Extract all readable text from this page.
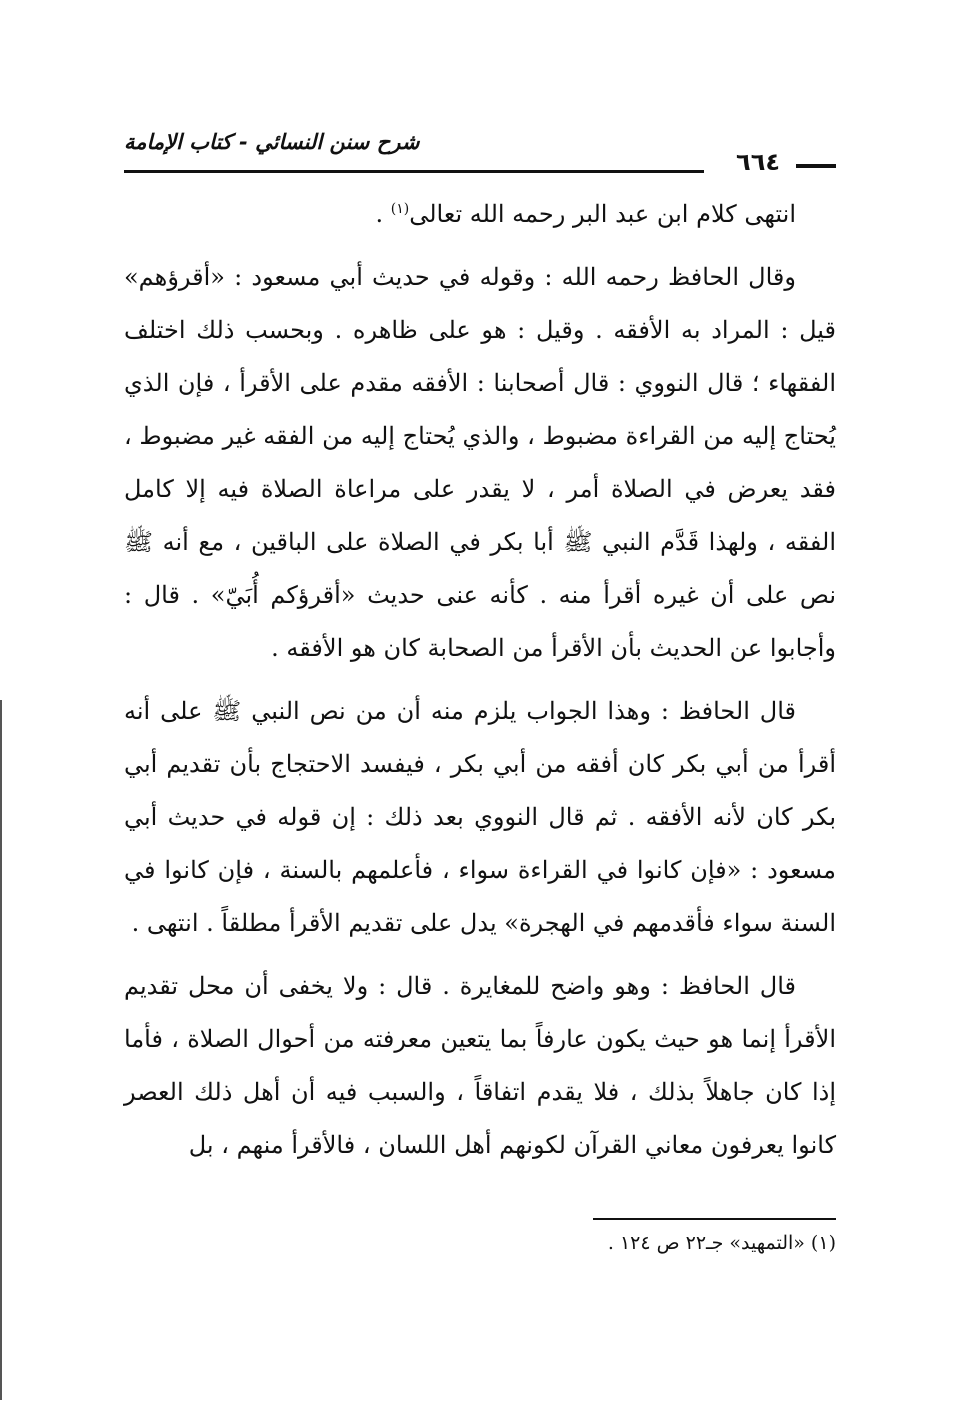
شرح سنن النسائي - كتاب الإمامة
٦٦٤

انتهى كلام ابن عبد البر رحمه الله تعالى$^{(١)}$ .

وقال الحافظ رحمه الله : وقوله في حديث أبي مسعود : «أقرؤهم» قيل : المراد به الأفقه . وقيل : هو على ظاهره . وبحسب ذلك اختلف الفقهاء ؛ قال النووي : قال أصحابنا : الأفقه مقدم على الأقرأ ، فإن الذي يُحتاج إليه من القراءة مضبوط ، والذي يُحتاج إليه من الفقه غير مضبوط ، فقد يعرض في الصلاة أمر ، لا يقدر على مراعاة الصلاة فيه إلا كامل الفقه ، ولهذا قَدَّم النبي ﷺ أبا بكر في الصلاة على الباقين ، مع أنه ﷺ نص على أن غيره أقرأ منه . كأنه عنى حديث «أقرؤكم أُبَيّ» . قال : وأجابوا عن الحديث بأن الأقرأ من الصحابة كان هو الأفقه .

قال الحافظ : وهذا الجواب يلزم منه أن من نص النبي ﷺ على أنه أقرأ من أبي بكر كان أفقه من أبي بكر ، فيفسد الاحتجاج بأن تقديم أبي بكر كان لأنه الأفقه . ثم قال النووي بعد ذلك : إن قوله في حديث أبي مسعود : «فإن كانوا في القراءة سواء ، فأعلمهم بالسنة ، فإن كانوا في السنة سواء فأقدمهم في الهجرة» يدل على تقديم الأقرأ مطلقاً . انتهى .

قال الحافظ : وهو واضح للمغايرة . قال : ولا يخفى أن محل تقديم الأقرأ إنما هو حيث يكون عارفاً بما يتعين معرفته من أحوال الصلاة ، فأما إذا كان جاهلاً بذلك ، فلا يقدم اتفاقاً ، والسبب فيه أن أهل ذلك العصر كانوا يعرفون معاني القرآن لكونهم أهل اللسان ، فالأقرأ منهم ، بل

(١) «التمهيد» جـ٢٢ ص ١٢٤ .
